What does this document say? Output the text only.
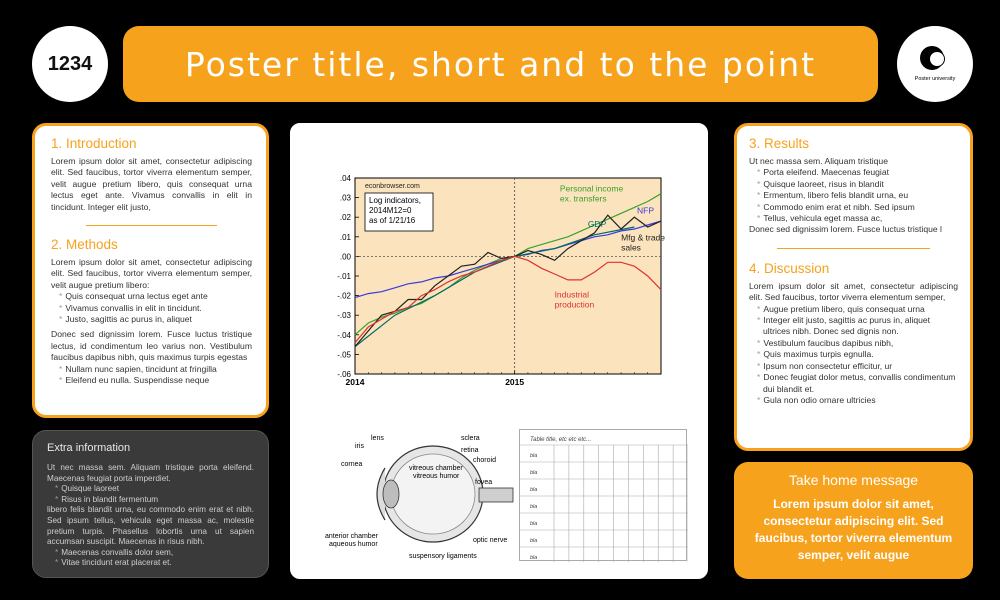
1234	Poster title, short and to the point	Poster university
1. Introduction

Lorem ipsum dolor sit amet, consectetur adipiscing elit. Sed faucibus, tortor viverra elementum semper, velit augue pretium libero, quis consequat urna lectus eget ante. Vivamus convallis in elit in tincidunt. Integer elit justo,

2. Methods

Lorem ipsum dolor sit amet, consectetur adipiscing elit. Sed faucibus, tortor viverra elementum semper, velit augue pretium libero:

* Quis consequat urna lectus eget ante
* Vivamus convallis in elit in tincidunt.
* Justo, sagittis ac purus in, aliquet

Donec sed dignissim lorem. Fusce luctus tristique lectus, id condimentum leo varius non. Vestibulum faucibus dapibus nibh, quis maximus turpis egestas

* Nullam nunc sapien, tincidunt at fringilla
* Eleifend eu nulla. Suspendisse neque
Extra information

Ut nec massa sem. Aliquam tristique porta eleifend. Maecenas feugiat porta imperdiet.

* Quisque laoreet
* Risus in blandit fermentum

libero felis blandit urna, eu commodo enim erat et nibh. Sed ipsum tellus, vehicula eget massa ac, molestie pretium turpis. Phasellus lobortis urna ut sapien accumsan suscipit. Maecenas in risus nibh.

* Maecenas convallis dolor sem,
* Vitae tincidunt erat placerat et.
.04
.03
.02
.01
.00
-.01
-.02
-.03
-.04
-.05
-.06
2014	2015
Personal income ex. transfers
NFP
GDP
Mfg & trade sales
Industrial production
econbrowser.com
Log indicators, 2014M12=0 as of 1/21/16
lens	sclera
iris
retina
choroid
cornea
vitreous chamber
vitreous humor
fovea
anterior chamber
aqueous humor
optic nerve
suspensory ligaments
Table title, etc etc etc...
bla
bla
bla
bla
bla
bla
bla
3. Results

Ut nec massa sem. Aliquam tristique

* Porta eleifend. Maecenas feugiat
* Quisque laoreet, risus in blandit
* Ermentum, libero felis blandit urna, eu
* Commodo enim erat et nibh. Sed ipsum
* Tellus, vehicula eget massa ac,

Donec sed dignissim lorem. Fusce luctus tristique l

4. Discussion

Lorem ipsum dolor sit amet, consectetur adipiscing elit. Sed faucibus, tortor viverra elementum semper,

* Augue pretium libero, quis consequat urna
* Integer elit justo, sagittis ac purus in, aliquet ultrices nibh. Donec sed dignis non.
* Vestibulum faucibus dapibus nibh,
* Quis maximus turpis egnulla.
* Ipsum non consectetur efficitur, ur
* Donec feugiat dolor metus, convallis condimentum dui blandit et.
* Gula non odio ornare ultricies
Take home message

Lorem ipsum dolor sit amet, consectetur adipiscing elit. Sed faucibus, tortor viverra elementum semper, velit augue
